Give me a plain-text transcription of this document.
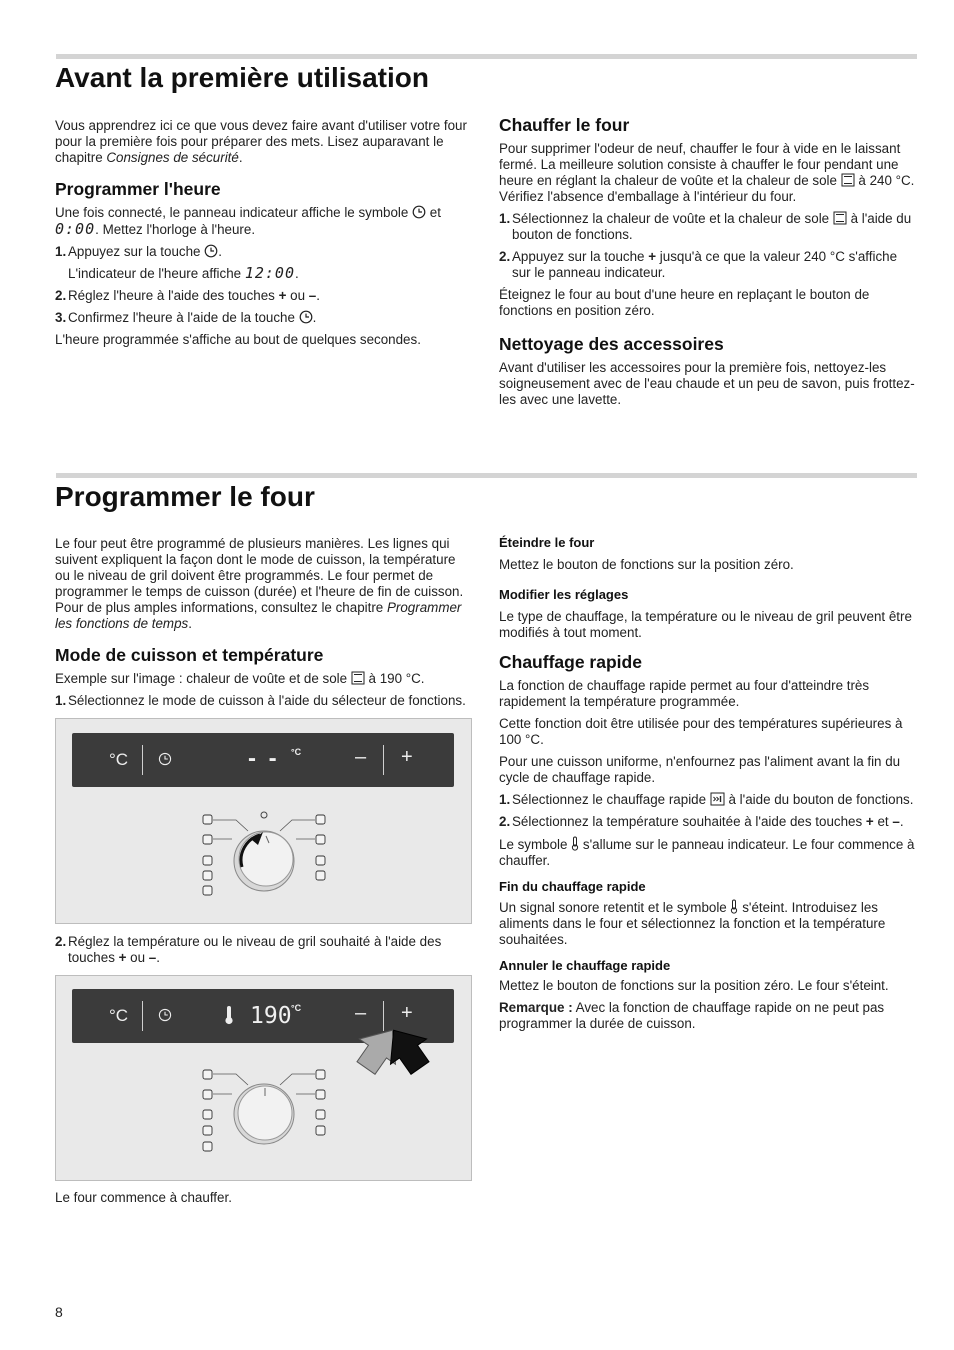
Avant la première utilisation

Vous apprendrez ici ce que vous devez faire avant d'utiliser votre four pour la première fois pour préparer des mets. Lisez auparavant le chapitre Consignes de sécurité.

Programmer l'heure

Une fois connecté, le panneau indicateur affiche le symbole  et 0:00. Mettez l'horloge à l'heure.

1. Appuyez sur la touche .
L'indicateur de l'heure affiche 12:00.
2. Réglez l'heure à l'aide des touches + ou –.
3. Confirmez l'heure à l'aide de la touche .

L'heure programmée s'affiche au bout de quelques secondes.

Chauffer le four

Pour supprimer l'odeur de neuf, chauffer le four à vide en le laissant fermé. La meilleure solution consiste à chauffer le four pendant une heure en réglant la chaleur de voûte et la chaleur de sole  à 240 °C. Vérifiez l'absence d'emballage à l'intérieur du four.

1. Sélectionnez la chaleur de voûte et la chaleur de sole  à l'aide du bouton de fonctions.
2. Appuyez sur la touche + jusqu'à ce que la valeur 240 °C s'affiche sur le panneau indicateur.

Éteignez le four au bout d'une heure en replaçant le bouton de fonctions en position zéro.

Nettoyage des accessoires

Avant d'utiliser les accessoires pour la première fois, nettoyez-les soigneusement avec de l'eau chaude et un peu de savon, puis frottez-les avec une lavette.

Programmer le four

Le four peut être programmé de plusieurs manières. Les lignes qui suivent expliquent la façon dont le mode de cuisson, la température ou le niveau de gril doivent être programmés. Le four permet de programmer le temps de cuisson (durée) et l'heure de fin de cuisson. Pour de plus amples informations, consultez le chapitre Programmer les fonctions de temps.

Mode de cuisson et température

Exemple sur l'image : chaleur de voûte et de sole  à 190 °C.

1. Sélectionnez le mode de cuisson à l'aide du sélecteur de fonctions.
°C	- - °C	– +
2. Réglez la température ou le niveau de gril souhaité à l'aide des touches + ou –.
°C	190 °C	– +

Le four commence à chauffer.

Éteindre le four

Mettez le bouton de fonctions sur la position zéro.

Modifier les réglages

Le type de chauffage, la température ou le niveau de gril peuvent être modifiés à tout moment.

Chauffage rapide

La fonction de chauffage rapide permet au four d'atteindre très rapidement la température programmée.

Cette fonction doit être utilisée pour des températures supérieures à 100 °C.

Pour une cuisson uniforme, n'enfournez pas l'aliment avant la fin du cycle de chauffage rapide.

1. Sélectionnez le chauffage rapide  à l'aide du bouton de fonctions.
2. Sélectionnez la température souhaitée à l'aide des touches + et –.

Le symbole  s'allume sur le panneau indicateur. Le four commence à chauffer.

Fin du chauffage rapide

Un signal sonore retentit et le symbole  s'éteint. Introduisez les aliments dans le four et sélectionnez la fonction et la température souhaitées.

Annuler le chauffage rapide

Mettez le bouton de fonctions sur la position zéro. Le four s'éteint.

Remarque : Avec la fonction de chauffage rapide on ne peut pas programmer la durée de cuisson.

8
